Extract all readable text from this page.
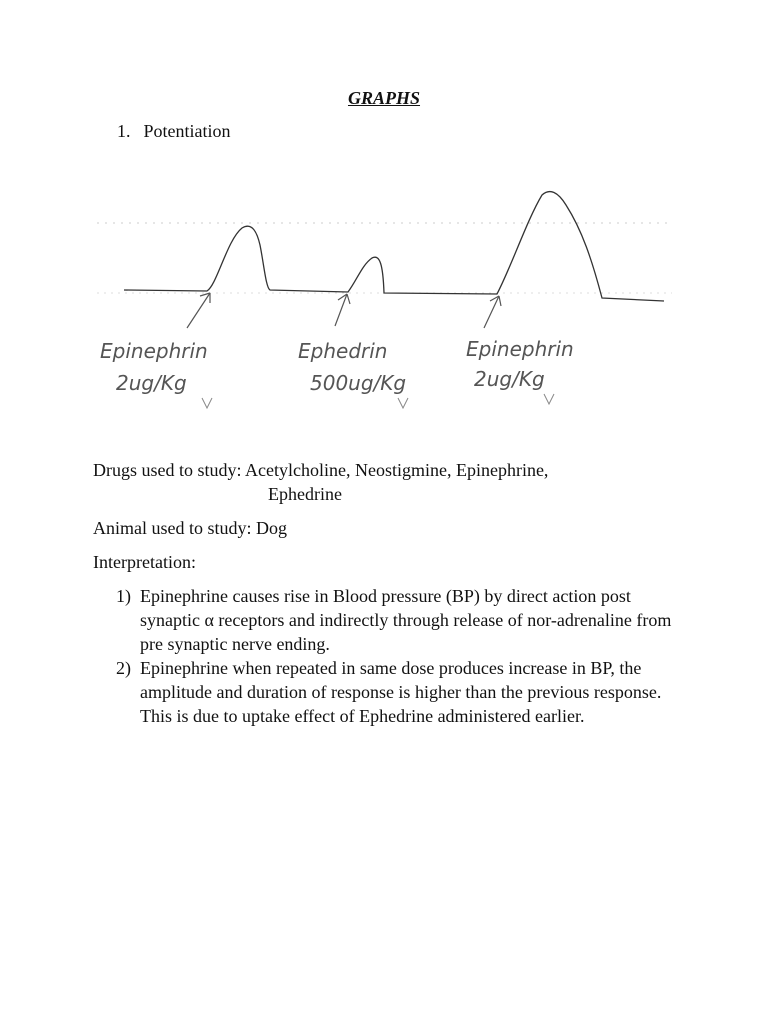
GRAPHS
1. Potentiation
Epinephrin
2ug/Kg
Ephedrin
500ug/Kg
Epinephrin
2ug/Kg
Drugs used to study: Acetylcholine, Neostigmine, Epinephrine,
Ephedrine
Animal used to study: Dog
Interpretation:
1) Epinephrine causes rise in Blood pressure (BP) by direct action post synaptic α receptors and indirectly through release of nor-adrenaline from pre synaptic nerve ending.
2) Epinephrine when repeated in same dose produces increase in BP, the amplitude and duration of response is higher than the previous response. This is due to uptake effect of Ephedrine administered earlier.
